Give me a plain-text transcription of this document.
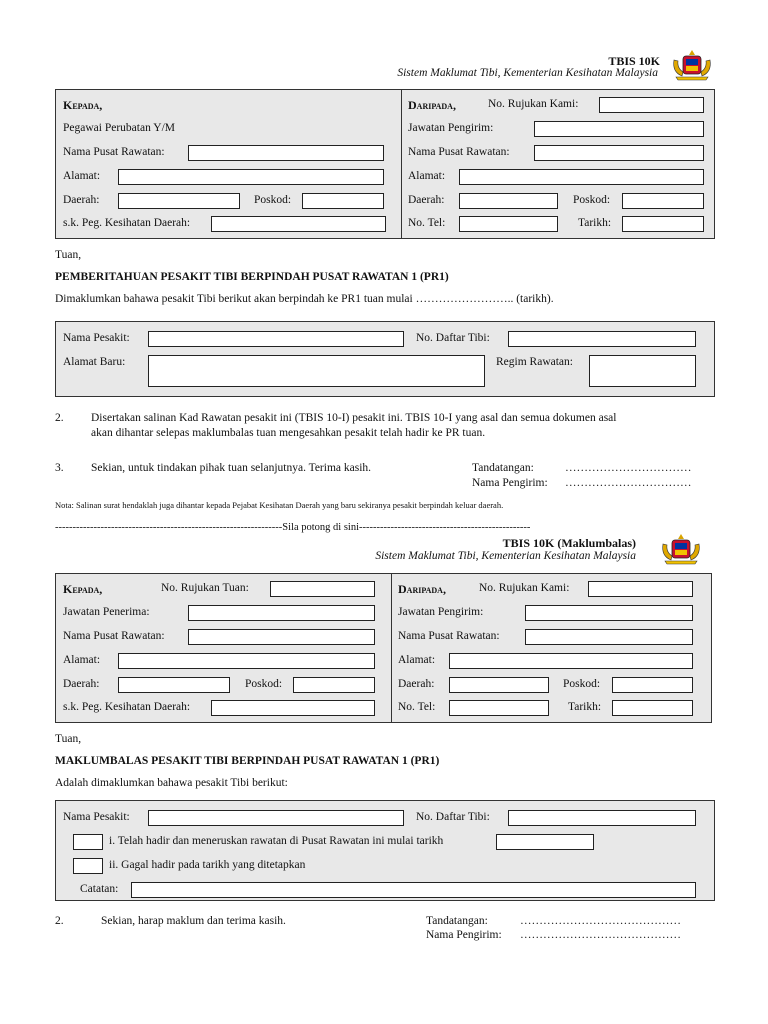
TBIS 10K
Sistem Maklumat Tibi, Kementerian Kesihatan Malaysia
Kepada,
Pegawai Perubatan Y/M
Nama Pusat Rawatan:
Alamat:
Daerah:	Poskod:
s.k. Peg. Kesihatan Daerah:
Daripada,	No. Rujukan Kami:
Jawatan Pengirim:
Nama Pusat Rawatan:
Alamat:
Daerah:	Poskod:
No. Tel:	Tarikh:
Tuan,
PEMBERITAHUAN PESAKIT TIBI BERPINDAH PUSAT RAWATAN 1 (PR1)
Dimaklumkan bahawa pesakit Tibi berikut akan berpindah ke PR1 tuan mulai …………………….. (tarikh).
Nama Pesakit:	No. Daftar Tibi:
Alamat Baru:	Regim Rawatan:
2. Disertakan salinan Kad Rawatan pesakit ini (TBIS 10-I) pesakit ini. TBIS 10-I yang asal dan semua dokumen asal
akan dihantar selepas maklumbalas tuan mengesahkan pesakit telah hadir ke PR tuan.
3. Sekian, untuk tindakan pihak tuan selanjutnya. Terima kasih.	Tandatangan:	……………………………
Nama Pengirim: ……………………………
Nota: Salinan surat hendaklah juga dihantar kepada Pejabat Kesihatan Daerah yang baru sekiranya pesakit berpindah keluar daerah.
-----------------------------------------------------------------Sila potong di sini-------------------------------------------------
TBIS 10K (Maklumbalas)
Sistem Maklumat Tibi, Kementerian Kesihatan Malaysia
Kepada,	No. Rujukan Tuan:
Jawatan Penerima:
Nama Pusat Rawatan:
Alamat:
Daerah:	Poskod:
s.k. Peg. Kesihatan Daerah:
Daripada,	No. Rujukan Kami:
Jawatan Pengirim:
Nama Pusat Rawatan:
Alamat:
Daerah:	Poskod:
No. Tel:	Tarikh:
Tuan,
MAKLUMBALAS PESAKIT TIBI BERPINDAH PUSAT RAWATAN 1 (PR1)
Adalah dimaklumkan bahawa pesakit Tibi berikut:
Nama Pesakit:	No. Daftar Tibi:
i. Telah hadir dan meneruskan rawatan di Pusat Rawatan ini mulai tarikh
ii. Gagal hadir pada tarikh yang ditetapkan
Catatan:
2.	Sekian, harap maklum dan terima kasih.	Tandatangan:	……………………………………
Nama Pengirim: ……………………………………
